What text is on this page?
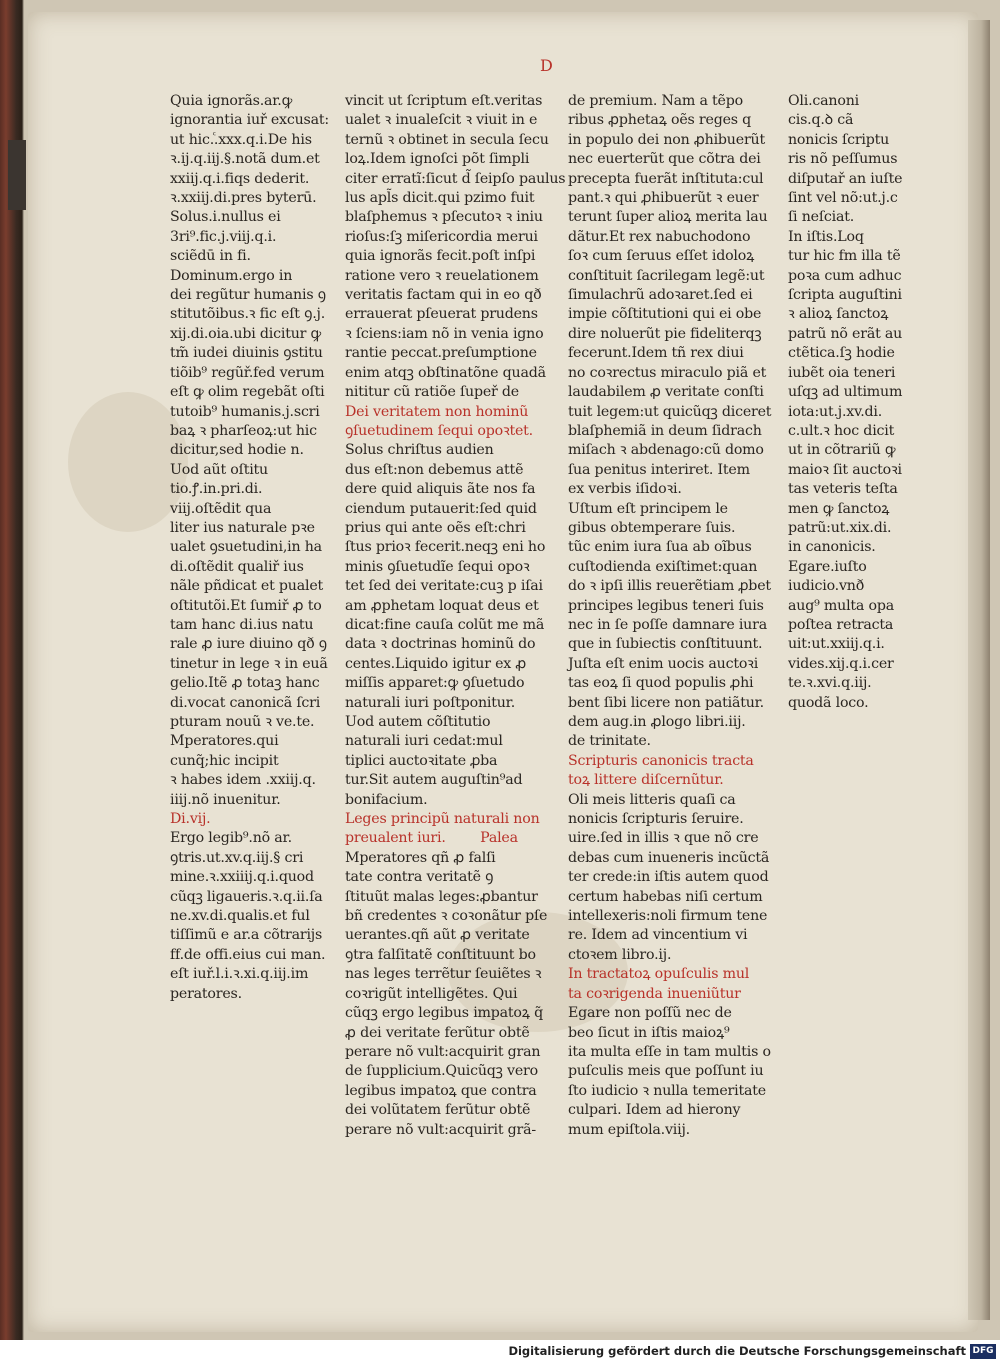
D
Quia ignorãs.ar.ꝙ
ignorantia iuř excusat:
ut hic.ⷭ.xxx.q.i.De his
ꝛ.ij.q.iij.§.notã dum.et
xxiij.q.i.fiqs dederit.
ꝛ.xxiij.di.pres byterū.
Solus.i.nullus ei
3ri⁹.fic.j.viij.q.i.
sciẽdū in fi.
Dominum.ergo in
dei regũtur humanis ꝯ
stitutõibus.ꝛ fic eſt ꝯ.j.
xij.di.oia.ubi dicitur ꝙ
tm̃ iudei diuinis ꝯstitu
tiõib⁹ regũř.fed verum
eſt ꝙ olim regebãt oſti
tutoib⁹ humanis.j.scri
baꝝ ꝛ pharſeoꝝ:ut hic
dicitur,sed hodie n.
Uod aũt oſtitu
tio.ꝭ.in.pri.di.
viij.oſtẽdit qua
liter ius naturale pꝛe
ualet ꝯsuetudini,in ha
di.oſtẽdit qualiř ius
nãle pñdicat et pualet
oſtitutõi.Et ſumiř ꝓ to
tam hanc di.ius natu
rale ꝓ iure diuino qð ꝯ
tinetur in lege ꝛ in euã
gelio.Itẽ ꝓ totaꝫ hanc
di.vocat canonicã ſcri
pturam nouũ ꝛ ve.te.
Mperatores.qui
cunq̃;hic incipit
ꝛ habes idem .xxiij.q.
iiij.nõ inuenitur.
Di.vij.
Ergo legib⁹.nõ ar.
ꝯtris.ut.xv.q.iij.§ cri
mine.ꝛ.xxiiij.q.i.quod
cũqꝫ ligaueris.ꝛ.q.ii.ſa
ne.xv.di.qualis.et ful
tiſſimũ e ar.a cõtrarijs
ff.de offi.eius cui man.
eſt iuř.l.i.ꝛ.xi.q.iij.im
peratores.
vincit ut ſcriptum eſt.veritas
ualet ꝛ inualeſcit ꝛ viuit in e
ternũ ꝛ obtinet in secula ſecu
loꝝ.Idem ignoſci põt ſimpli
citer erratĩ:ſicut d̃ ſeipſo paulus
lus apl̃s dicit.qui pzimo fuit
blaſphemus ꝛ pſecutoꝛ ꝛ iniu
rioſus:ſꝫ miſericordia merui
quia ignorãs fecit.poſt inſpi
ratione vero ꝛ reuelationem
veritatis factam qui in eo qð
errauerat pſeuerat prudens
ꝛ ſciens:iam nõ in venia igno
rantie peccat.preſumptione
enim atqꝫ obſtinatõne quadã
nititur cũ ratiõe ſupeř de
Dei veritatem non hominũ
ꝯſuetudinem ſequi opoꝛtet.
Solus chriſtus audien
dus eſt:non debemus attẽ
dere quid aliquis ãte nos fa
ciendum putauerit:ſed quid
prius qui ante oẽs eſt:chri
ſtus prioꝛ fecerit.neqꝫ eni ho
minis ꝯſuetudĩe ſequi opoꝛ
tet ſed dei veritate:cuꝫ p iſai
am ꝓphetam loquat deus et
dicat:fine cauſa colũt me mã
data ꝛ doctrinas hominũ do
centes.Liquido igitur ex ꝓ
miſſis apparet:ꝙ ꝯſuetudo
naturali iuri poſtponitur.
Uod autem cõſtitutio
naturali iuri cedat:mul
tiplici auctoꝛitate ꝓba
tur.Sit autem auguſtin⁹ad
bonifacium.
Leges principũ naturali non
preualent iuri.        Palea
Mperatores qñ ꝓ falſi
tate contra veritatẽ ꝯ
ſtituũt malas leges:ꝓbantur
bñ credentes ꝛ coꝛonãtur pſe
uerantes.qñ aũt ꝓ veritate
ꝯtra falſitatẽ conſtituunt bo
nas leges terrẽtur ſeuiẽtes ꝛ
coꝛrigũt intelligẽtes. Qui
cũqꝫ ergo legibus impatoꝝ q̃
ꝓ dei veritate ferũtur obtẽ
perare nõ vult:acquirit gran
de ſupplicium.Quicũqꝫ vero
legibus impatoꝝ que contra
dei volũtatem ferũtur obtẽ
perare nõ vult:acquirit grã-
de premium. Nam a tẽpo
ribus ꝓphetaꝝ oẽs reges q
in populo dei non ꝓhibuerũt
nec euerterũt que cõtra dei
precepta fuerãt inſtituta:cul
pant.ꝛ qui ꝓhibuerũt ꝛ euer
terunt ſuper alioꝝ merita lau
dãtur.Et rex nabuchodono
ſoꝛ cum ſeruus eſſet idoloꝝ
conſtituit ſacrilegam legẽ:ut
ſimulachrũ adoꝛaret.ſed ei
impie cõſtitutioni qui ei obe
dire noluerũt pie fideliterqꝫ
fecerunt.Idem tñ rex diui
no coꝛrectus miraculo piã et
laudabilem ꝓ veritate conſti
tuit legem:ut quicũqꝫ diceret
blaſphemiã in deum ſidrach
miſach ꝛ abdenago:cũ domo
ſua penitus interiret. Item
ex verbis iſidoꝛi.
Uſtum eſt principem le
gibus obtemperare ſuis.
tũc enim iura ſua ab oĩbus
cuſtodienda exiſtimet:quan
do ꝛ ipſi illis reuerẽtiam ꝓbet
principes legibus teneri ſuis
nec in ſe poſſe damnare iura
que in ſubiectis conſtituunt.
Juſta eſt enim uocis auctoꝛi
tas eoꝝ ſi quod populis ꝓhi
bent ſibi licere non patiãtur.
dem aug.in ꝓlogo libri.iij.
de trinitate.
Scripturis canonicis tracta
toꝝ littere diſcernũtur.
Oli meis litteris quaſi ca
nonicis ſcripturis ſeruire.
uire.ſed in illis ꝛ que nõ cre
debas cum inueneris incũctã
ter crede:in iſtis autem quod
certum habebas niſi certum
intellexeris:noli firmum tene
re. Idem ad vincentium vi
ctoꝛem libro.ij.
In tractatoꝝ opuſculis mul
ta coꝛrigenda inueniũtur
Egare non poſſũ nec de
beo ſicut in iſtis maioꝝ⁹
ita multa eſſe in tam multis o
puſculis meis que poſſunt iu
ſto iudicio ꝛ nulla temeritate
culpari. Idem ad hierony
mum epiſtola.viij.
Oli.canoni
cis.q.ꝺ cã
nonicis ſcriptu
ris nõ peſſumus
diſputař an iuſte
ſint vel nõ:ut.j.c
ſi neſciat.
In iſtis.Loq
tur hic fm illa tẽ
poꝛa cum adhuc
ſcripta auguſtini
ꝛ alioꝝ ſanctoꝝ
patrũ nõ erãt au
ctẽtica.ſꝫ hodie
iubẽt oia teneri
uſqꝫ ad ultimum
iota:ut.j.xv.di.
c.ult.ꝛ hoc dicit
ut in cõtrariũ ꝙ
maioꝛ ſit auctoꝛi
tas veteris teſta
men ꝙ ſanctoꝝ
patrũ:ut.xix.di.
in canonicis.
Egare.iuſto
iudicio.vnð
aug⁹ multa opa
poſtea retracta
uit:ut.xxiij.q.i.
vides.xij.q.i.cer
te.ꝛ.xvi.q.iij.
quodã loco.
Digitalisierung gefördert durch die Deutsche Forschungsgemeinschaft DFG
